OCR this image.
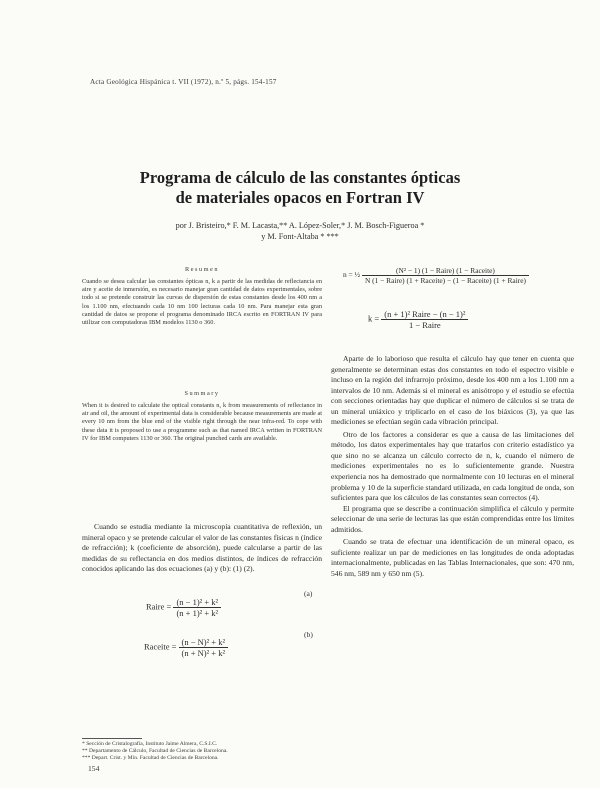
Acta Geológica Hispánica t. VII (1972), n.º 5, págs. 154-157
Programa de cálculo de las constantes ópticas
de materiales opacos en Fortran IV
por J. Bristeiro,* F. M. Lacasta,** A. López-Soler,* J. M. Bosch-Figueroa *
y M. Font-Altaba * ***
Resumen
Cuando se desea calcular las constantes ópticas n, k a partir de las medidas de reflectancia en aire y aceite de inmersión, es necesario manejar gran cantidad de datos experimentales, sobre todo si se pretende construir las curvas de dispersión de estas constantes desde los 400 nm a los 1.100 nm, efectuando cada 10 nm 100 lecturas cada 10 nm. Para manejar esta gran cantidad de datos se propone el programa denominado IRCA escrito en FORTRAN IV para utilizar con computadoras IBM modelos 1130 o 360.
Summary
When it is desired to calculate the optical constants n, k from measurements of reflectance in air and oil, the amount of experimental data is considerable because measurements are made at every 10 nm from the blue end of the visible right through the near infra-red. To cope with these data it is proposed to use a programme such as that named IRCA written in FORTRAN IV for IBM computers 1130 or 360. The original punched cards are available.

Cuando se estudia mediante la microscopía cuantitativa de reflexión, un mineral opaco y se pretende calcular el valor de las constantes físicas n (índice de refracción); k (coeficiente de absorción), puede calcularse a partir de las medidas de su reflectancia en dos medios distintos, de índices de refracción conocidos aplicando las dos ecuaciones (a) y (b): (1) (2).

Raire = $\frac{\text{(n − 1)² + k²}}{\text{(n + 1)² + k²}}$
(a)
Raceite = $\frac{\text{(n − N)² + k²}}{\text{(n + N)² + k²}}$
(b)
n = ½ $\frac{\text{(N² − 1) (1 − Raire) (1 − Raceite)}}{\text{N (1 − Raire) (1 + Raceite) − (1 − Raceite) (1 + Raire)}}$
$k = \frac{\text{(n + 1)² Raire − (n − 1)²}}{\text{1 − Raire}}$

Aparte de lo laborioso que resulta el cálculo hay que tener en cuenta que generalmente se determinan estas dos constantes en todo el espectro visible e incluso en la región del infrarrojo próximo, desde los 400 nm a los 1.100 nm a intervalos de 10 nm. Además si el mineral es anisótropo y el estudio se efectúa con secciones orientadas hay que duplicar el número de cálculos si se trata de un mineral uniáxico y triplicarlo en el caso de los biáxicos (3), ya que las mediciones se efectúan según cada vibración principal.

Otro de los factores a considerar es que a causa de las limitaciones del método, los datos experimentales hay que tratarlos con criterio estadístico ya que sino no se alcanza un cálculo correcto de n, k, cuando el número de mediciones experimentales no es lo suficientemente grande. Nuestra experiencia nos ha demostrado que normalmente con 10 lecturas en el mineral problema y 10 de la superficie standard utilizada, en cada longitud de onda, son suficientes para que los cálculos de las constantes sean correctos (4).

El programa que se describe a continuación simplifica el cálculo y permite seleccionar de una serie de lecturas las que están comprendidas entre los límites admitidos.

Cuando se trata de efectuar una identificación de un mineral opaco, es suficiente realizar un par de mediciones en las longitudes de onda adoptadas internacionalmente, publicadas en las Tablas Internacionales, que son: 470 nm, 546 nm, 589 nm y 650 nm (5).

* Sección de Cristalografía, Instituto Jaime Almera, C.S.I.C.
** Departamento de Cálculo, Facultad de Ciencias de Barcelona.
*** Depart. Crist. y Min. Facultad de Ciencias de Barcelona.
154
